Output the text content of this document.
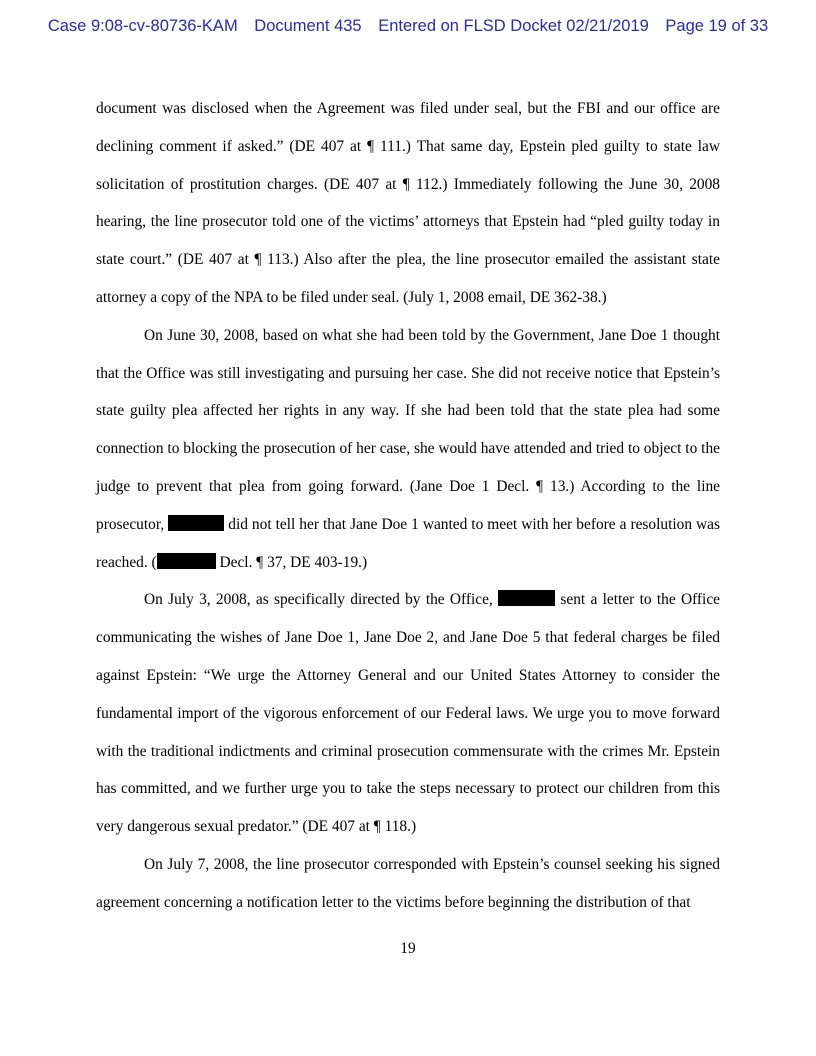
Case 9:08-cv-80736-KAM Document 435 Entered on FLSD Docket 02/21/2019 Page 19 of 33

document was disclosed when the Agreement was filed under seal, but the FBI and our office are declining comment if asked.” (DE 407 at ¶ 111.) That same day, Epstein pled guilty to state law solicitation of prostitution charges. (DE 407 at ¶ 112.) Immediately following the June 30, 2008 hearing, the line prosecutor told one of the victims’ attorneys that Epstein had “pled guilty today in state court.” (DE 407 at ¶ 113.) Also after the plea, the line prosecutor emailed the assistant state attorney a copy of the NPA to be filed under seal. (July 1, 2008 email, DE 362-38.)

On June 30, 2008, based on what she had been told by the Government, Jane Doe 1 thought that the Office was still investigating and pursuing her case. She did not receive notice that Epstein’s state guilty plea affected her rights in any way. If she had been told that the state plea had some connection to blocking the prosecution of her case, she would have attended and tried to object to the judge to prevent that plea from going forward. (Jane Doe 1 Decl. ¶ 13.) According to the line prosecutor,	did not tell her that Jane Doe 1 wanted to meet with her before a resolution was reached. (	Decl. ¶ 37, DE 403-19.)

On July 3, 2008, as specifically directed by the Office,	sent a letter to the Office communicating the wishes of Jane Doe 1, Jane Doe 2, and Jane Doe 5 that federal charges be filed against Epstein: “We urge the Attorney General and our United States Attorney to consider the fundamental import of the vigorous enforcement of our Federal laws. We urge you to move forward with the traditional indictments and criminal prosecution commensurate with the crimes Mr. Epstein has committed, and we further urge you to take the steps necessary to protect our children from this very dangerous sexual predator.” (DE 407 at ¶ 118.)

On July 7, 2008, the line prosecutor corresponded with Epstein’s counsel seeking his signed agreement concerning a notification letter to the victims before beginning the distribution of that

19
